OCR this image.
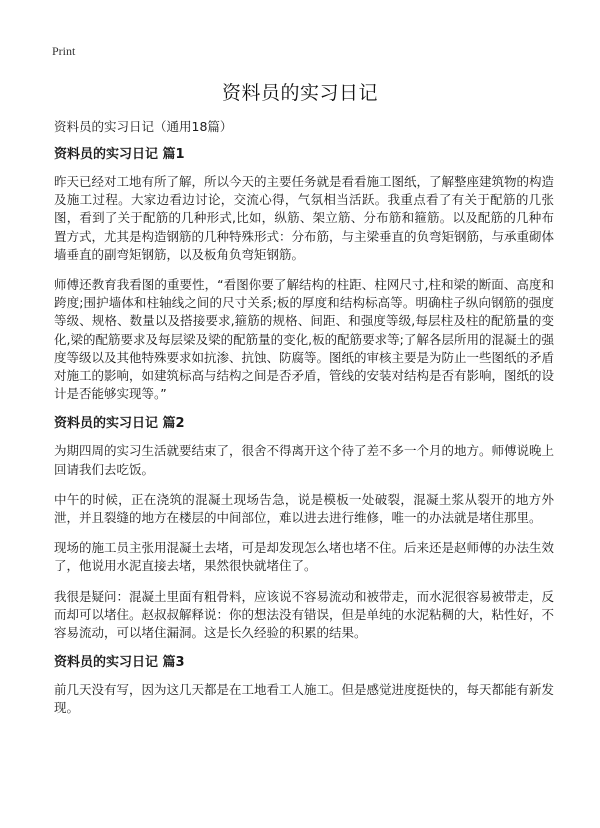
Print
资料员的实习日记

资料员的实习日记（通用18篇）

资料员的实习日记 篇1

昨天已经对工地有所了解，所以今天的主要任务就是看看施工图纸，了解整座建筑物的构造及施工过程。大家边看边讨论，交流心得，气氛相当活跃。我重点看了有关于配筋的几张图，看到了关于配筋的几种形式,比如，纵筋、架立筋、分布筋和箍筋。以及配筋的几种布置方式，尤其是构造钢筋的几种特殊形式：分布筋，与主梁垂直的负弯矩钢筋，与承重砌体墙垂直的副弯矩钢筋，以及板角负弯矩钢筋。

师傅还教育我看图的重要性，“看图你要了解结构的柱距、柱网尺寸,柱和梁的断面、高度和跨度;围护墙体和柱轴线之间的尺寸关系;板的厚度和结构标高等。明确柱子纵向钢筋的强度等级、规格、数量以及搭接要求,箍筋的规格、间距、和强度等级,每层柱及柱的配筋量的变化,梁的配筋要求及每层梁及梁的配筋量的变化,板的配筋要求等;了解各层所用的混凝土的强度等级以及其他特殊要求如抗渗、抗蚀、防腐等。图纸的审核主要是为防止一些图纸的矛盾对施工的影响，如建筑标高与结构之间是否矛盾，管线的安装对结构是否有影响，图纸的设计是否能够实现等。”

资料员的实习日记 篇2

为期四周的实习生活就要结束了，很舍不得离开这个待了差不多一个月的地方。师傅说晚上回请我们去吃饭。

中午的时候，正在浇筑的混凝土现场告急，说是模板一处破裂，混凝土浆从裂开的地方外泄，并且裂缝的地方在楼层的中间部位，难以进去进行维修，唯一的办法就是堵住那里。

现场的施工员主张用混凝土去堵，可是却发现怎么堵也堵不住。后来还是赵师傅的办法生效了，他说用水泥直接去堵，果然很快就堵住了。

我很是疑问：混凝土里面有粗骨料，应该说不容易流动和被带走，而水泥很容易被带走，反而却可以堵住。赵叔叔解释说：你的想法没有错误，但是单纯的水泥粘稠的大，粘性好，不容易流动，可以堵住漏洞。这是长久经验的积累的结果。

资料员的实习日记 篇3

前几天没有写，因为这几天都是在工地看工人施工。但是感觉进度挺快的，每天都能有新发现。
